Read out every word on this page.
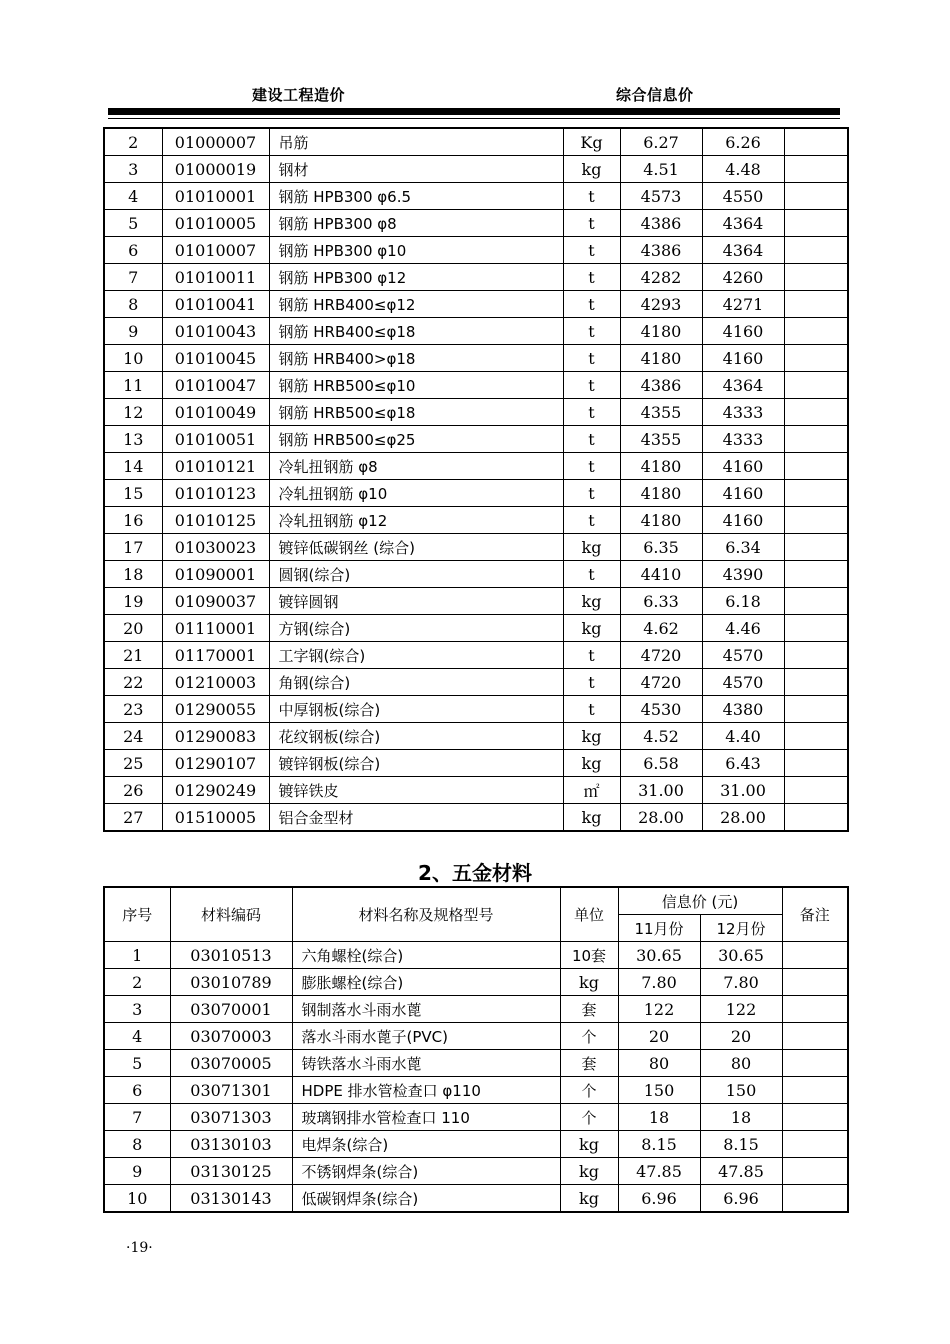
建设工程造价	综合信息价
2	01000007	吊筋	Kg	6.27	6.26	
3	01000019	钢材	kg	4.51	4.48	
4	01010001	钢筋 HPB300 φ6.5	t	4573	4550	
5	01010005	钢筋 HPB300 φ8	t	4386	4364	
6	01010007	钢筋 HPB300 φ10	t	4386	4364	
7	01010011	钢筋 HPB300 φ12	t	4282	4260	
8	01010041	钢筋 HRB400≤φ12	t	4293	4271	
9	01010043	钢筋 HRB400≤φ18	t	4180	4160	
10	01010045	钢筋 HRB400>φ18	t	4180	4160	
11	01010047	钢筋 HRB500≤φ10	t	4386	4364	
12	01010049	钢筋 HRB500≤φ18	t	4355	4333	
13	01010051	钢筋 HRB500≤φ25	t	4355	4333	
14	01010121	冷轧扭钢筋 φ8	t	4180	4160	
15	01010123	冷轧扭钢筋 φ10	t	4180	4160	
16	01010125	冷轧扭钢筋 φ12	t	4180	4160	
17	01030023	镀锌低碳钢丝 (综合)	kg	6.35	6.34	
18	01090001	圆钢(综合)	t	4410	4390	
19	01090037	镀锌圆钢	kg	6.33	6.18	
20	01110001	方钢(综合)	kg	4.62	4.46	
21	01170001	工字钢(综合)	t	4720	4570	
22	01210003	角钢(综合)	t	4720	4570	
23	01290055	中厚钢板(综合)	t	4530	4380	
24	01290083	花纹钢板(综合)	kg	4.52	4.40	
25	01290107	镀锌钢板(综合)	kg	6.58	6.43	
26	01290249	镀锌铁皮	㎡	31.00	31.00	
27	01510005	铝合金型材	kg	28.00	28.00	
2、五金材料
序号	材料编码	材料名称及规格型号	单位	信息价 (元)		备注
				11月份	12月份	
1	03010513	六角螺栓(综合)	10套	30.65	30.65	
2	03010789	膨胀螺栓(综合)	kg	7.80	7.80	
3	03070001	钢制落水斗雨水蓖	套	122	122	
4	03070003	落水斗雨水蓖子(PVC)	个	20	20	
5	03070005	铸铁落水斗雨水蓖	套	80	80	
6	03071301	HDPE 排水管检查口 φ110	个	150	150	
7	03071303	玻璃钢排水管检查口 110	个	18	18	
8	03130103	电焊条(综合)	kg	8.15	8.15	
9	03130125	不锈钢焊条(综合)	kg	47.85	47.85	
10	03130143	低碳钢焊条(综合)	kg	6.96	6.96	
·19·
